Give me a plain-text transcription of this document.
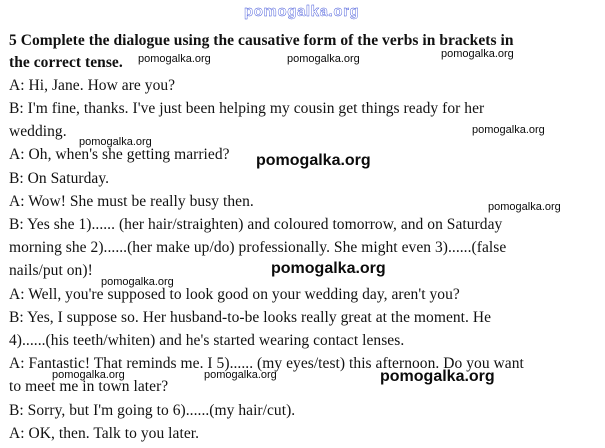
pomogalka.org
5 Complete the dialogue using the causative form of the verbs in brackets in
the correct tense.
A: Hi, Jane. How are you?
B: I'm fine, thanks. I've just been helping my cousin get things ready for her
wedding.
A: Oh, when's she getting married?
B: On Saturday.
A: Wow! She must be really busy then.
B: Yes she 1)...... (her hair/straighten) and coloured tomorrow, and on Saturday
morning she 2)......(her make up/do) professionally. She might even 3)......(false
nails/put on)!
A: Well, you're supposed to look good on your wedding day, aren't you?
B: Yes, I suppose so. Her husband-to-be looks really great at the moment. He
4)......(his teeth/whiten) and he's started wearing contact lenses.
A: Fantastic! That reminds me. I 5)...... (my eyes/test) this afternoon. Do you want
to meet me in town later?
B: Sorry, but I'm going to 6)......(my hair/cut).
A: OK, then. Talk to you later.
pomogalka.org	pomogalka.org	pomogalka.org
pomogalka.org
pomogalka.org
pomogalka.org
pomogalka.org
pomogalka.org	pomogalka.org
pomogalka.org
pomogalka.org
pomogalka.org
